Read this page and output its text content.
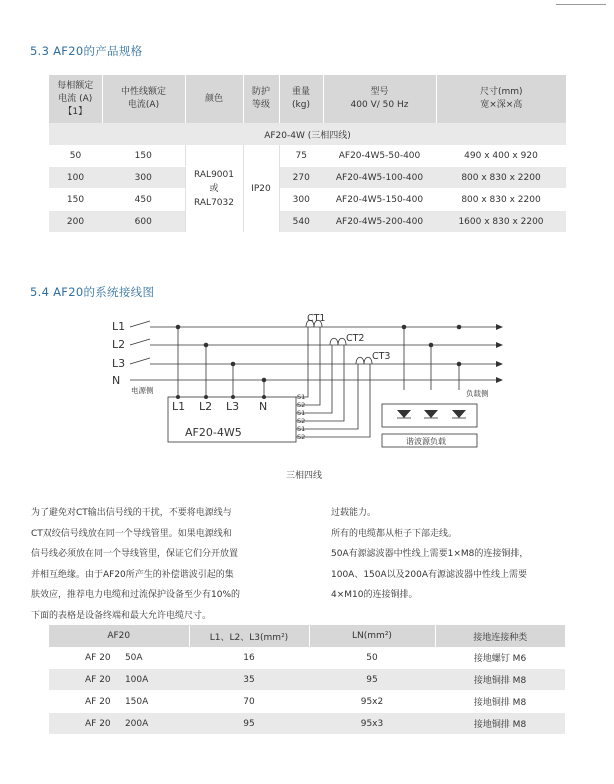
5.3 AF20的产品规格
每相额定
电流 (A)
【1】	中性线额定
电流(A)	颜色	防护
等级	重量
(kg)	型号
400 V/ 50 Hz	尺寸(mm)
宽×深×高
AF20-4W (三相四线)						
50	150	RAL9001
或
RAL7032	IP20	75	AF20-4W5-50-400	490 x 400 x 920
100	300			270	AF20-4W5-100-400	800 x 830 x 2200
150	450			300	AF20-4W5-150-400	800 x 830 x 2200
200	600			540	AF20-4W5-200-400	1600 x 830 x 2200
5.4 AF20的系统接线图
L1
L2
L3
N
电源侧	负载侧
CT1
CT2
CT3
L1 L2 L3 N
AF20-4W5
S1
S2
S1
S2
S1
S2	谐波源负载
三相四线
为了避免对CT输出信号线的干扰，不要将电源线与
CT双绞信号线放在同一个导线管里。如果电源线和
信号线必须放在同一个导线管里，保证它们分开放置
并相互绝缘。由于AF20所产生的补偿谐波引起的集
肤效应，推荐电力电缆和过流保护设备至少有10%的
下面的表格是设备终端和最大允许电缆尺寸。
过载能力。
所有的电缆都从柜子下部走线。
50A有源滤波器中性线上需要1×M8的连接铜排，
100A、150A以及200A有源滤波器中性线上需要
4×M10的连接铜排。
AF20	L1、L2、L3(mm²)	LN(mm²)	接地连接种类
AF 20     50A	16	50	接地螺钉 M6
AF 20     100A	35	95	接地铜排 M8
AF 20     150A	70	95x2	接地铜排 M8
AF 20     200A	95	95x3	接地铜排 M8
